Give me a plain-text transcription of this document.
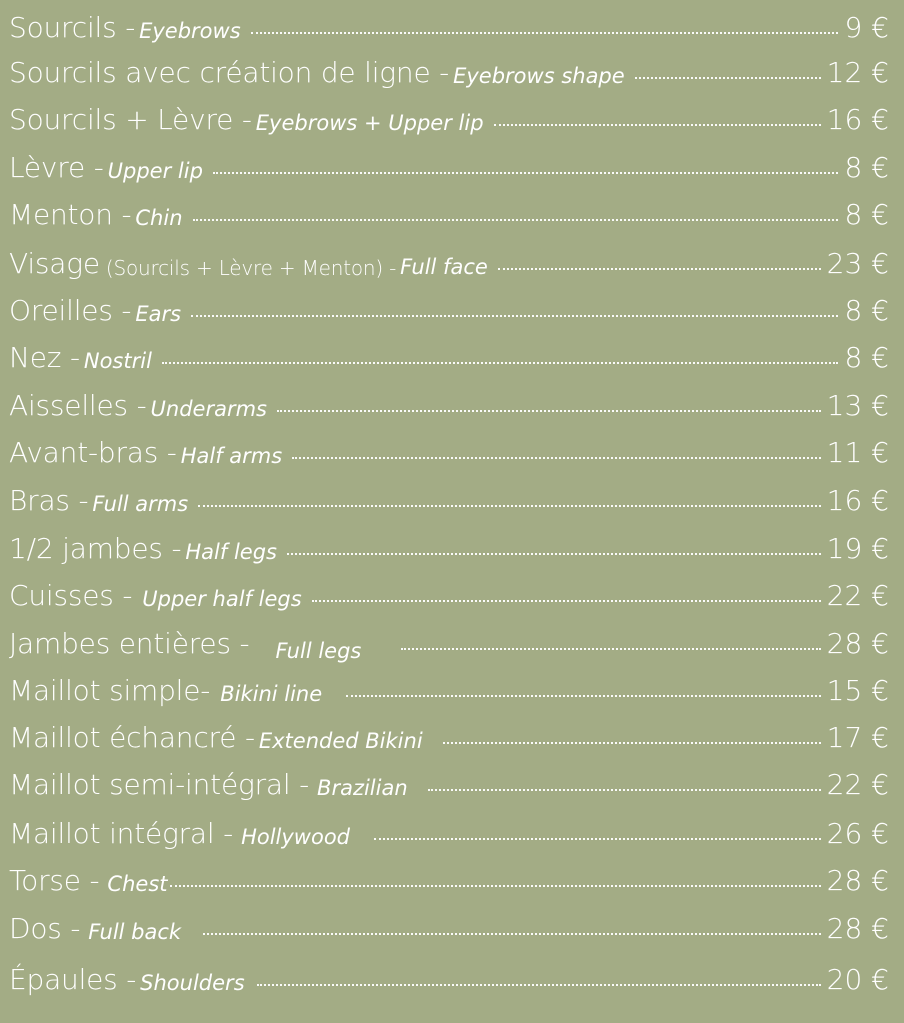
Sourcils - Eyebrows	9 €
Sourcils avec création de ligne - Eyebrows shape	12 €
Sourcils + Lèvre - Eyebrows + Upper lip	16 €
Lèvre - Upper lip	8 €
Menton - Chin	8 €
Visage (Sourcils + Lèvre + Menton) - Full face	23 €
Oreilles - Ears	8 €
Nez - Nostril	8 €
Aisselles - Underarms	13 €
Avant-bras - Half arms	11 €
Bras - Full arms	16 €
1/2 jambes - Half legs	19 €
Cuisses - Upper half legs	22 €
Jambes entières - Full legs	28 €
Maillot simple- Bikini line	15 €
Maillot échancré - Extended Bikini	17 €
Maillot semi-intégral - Brazilian	22 €
Maillot intégral - Hollywood	26 €
Torse - Chest	28 €
Dos - Full back	28 €
Épaules - Shoulders	20 €
